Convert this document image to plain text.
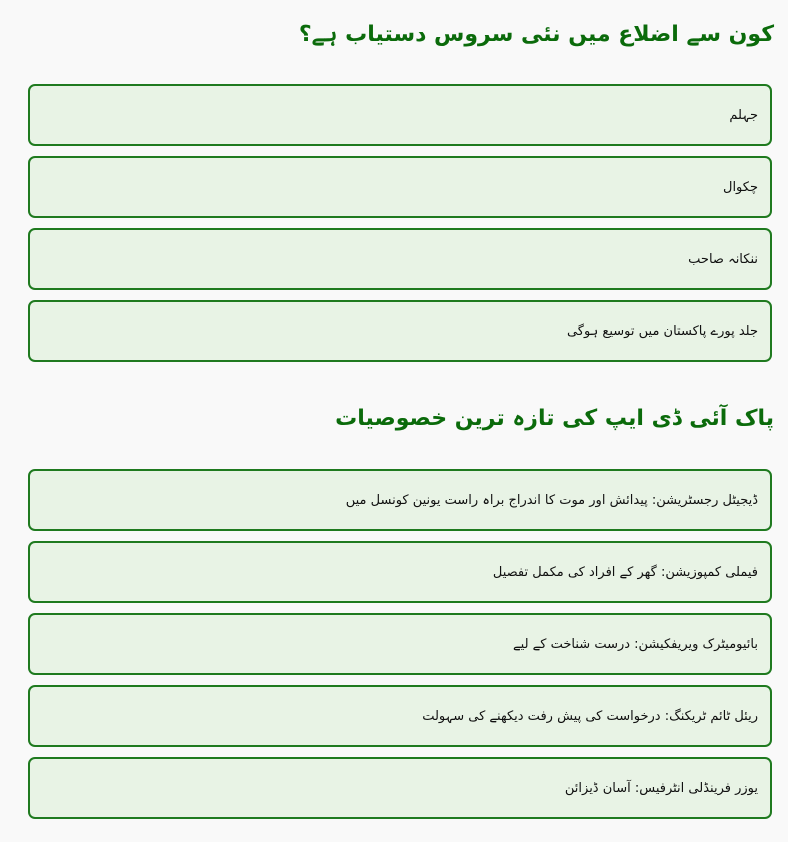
کون سے اضلاع میں نئی سروس دستیاب ہے؟
جہلم
چکوال
ننکانہ صاحب
جلد پورے پاکستان میں توسیع ہوگی
پاک آئی ڈی ایپ کی تازہ ترین خصوصیات
ڈیجیٹل رجسٹریشن: پیدائش اور موت کا اندراج براہ راست یونین کونسل میں
فیملی کمپوزیشن: گھر کے افراد کی مکمل تفصیل
بائیومیٹرک ویریفکیشن: درست شناخت کے لیے
ریئل ٹائم ٹریکنگ: درخواست کی پیش رفت دیکھنے کی سہولت
یوزر فرینڈلی انٹرفیس: آسان ڈیزائن
